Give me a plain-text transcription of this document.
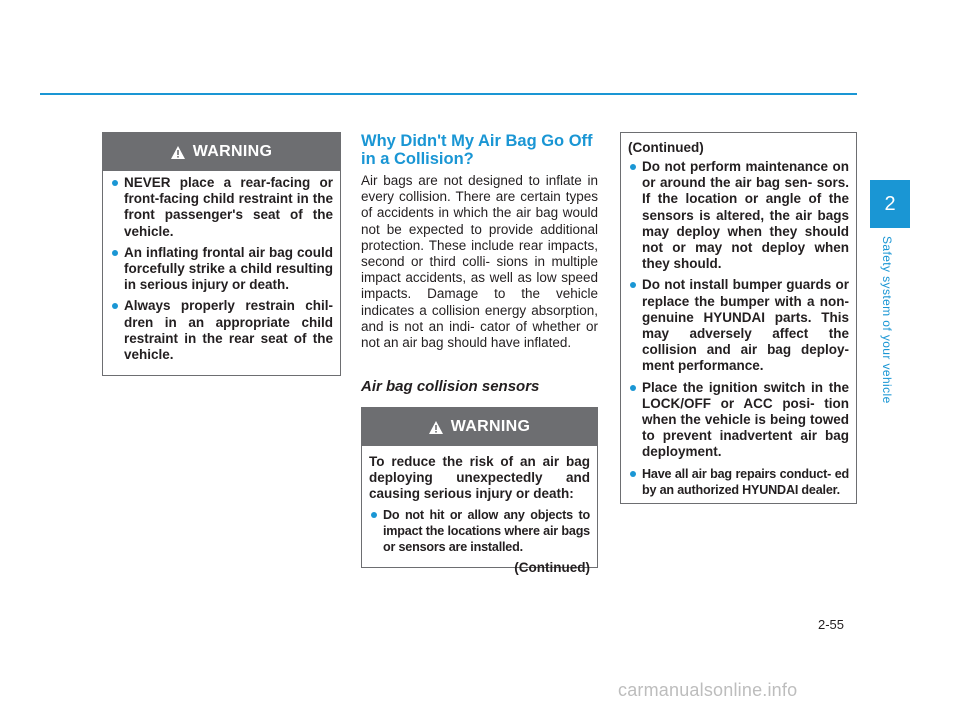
WARNING
NEVER place a rear-facing or front-facing child restraint in the front passenger's seat of the vehicle.
An inflating frontal air bag could forcefully strike a child resulting in serious injury or death.
Always properly restrain chil- dren in an appropriate child restraint in the rear seat of the vehicle.
Why Didn't My Air Bag Go Off in a Collision?

Air bags are not designed to inflate in every collision. There are certain types of accidents in which the air bag would not be expected to provide additional protection. These include rear impacts, second or third colli- sions in multiple impact accidents, as well as low speed impacts. Damage to the vehicle indicates a collision energy absorption, and is not an indi- cator of whether or not an air bag should have inflated.

Air bag collision sensors
WARNING

To reduce the risk of an air bag deploying unexpectedly and causing serious injury or death:

Do not hit or allow any objects to impact the locations where air bags or sensors are installed.
(Continued)

(Continued)

Do not perform maintenance on or around the air bag sen- sors. If the location or angle of the sensors is altered, the air bags may deploy when they should not or may not deploy when they should.
Do not install bumper guards or replace the bumper with a non-genuine HYUNDAI parts. This may adversely affect the collision and air bag deploy- ment performance.
Place the ignition switch in the LOCK/OFF or ACC posi- tion when the vehicle is being towed to prevent inadvertent air bag deployment.
Have all air bag repairs conduct- ed by an authorized HYUNDAI dealer.
2
Safety system of your vehicle
2-55
carmanualsonline.info
